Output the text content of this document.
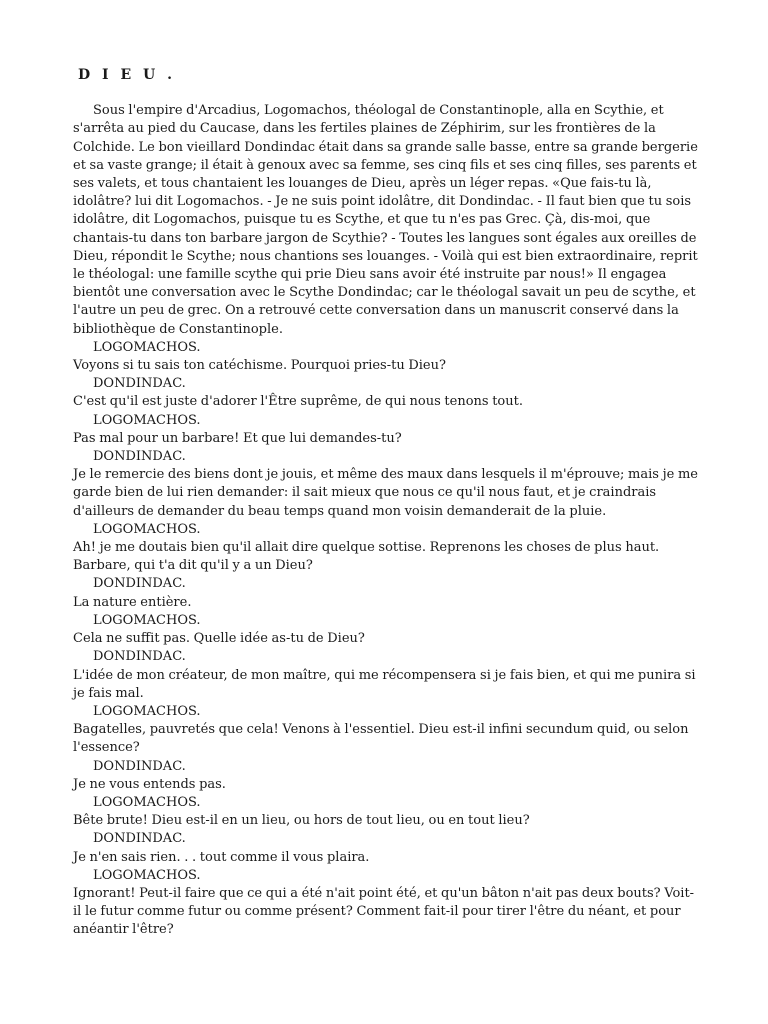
D I E U .

Sous l'empire d'Arcadius, Logomachos, théologal de Constantinople, alla en Scythie, et s'arrêta au pied du Caucase, dans les fertiles plaines de Zéphirim, sur les frontières de la Colchide. Le bon vieillard Dondindac était dans sa grande salle basse, entre sa grande bergerie et sa vaste grange; il était à genoux avec sa femme, ses cinq fils et ses cinq filles, ses parents et ses valets, et tous chantaient les louanges de Dieu, après un léger repas. «Que fais-tu là, idolâtre? lui dit Logomachos. - Je ne suis point idolâtre, dit Dondindac. - Il faut bien que tu sois idolâtre, dit Logomachos, puisque tu es Scythe, et que tu n'es pas Grec. Çà, dis-moi, que chantais-tu dans ton barbare jargon de Scythie? - Toutes les langues sont égales aux oreilles de Dieu, répondit le Scythe; nous chantions ses louanges. - Voilà qui est bien extraordinaire, reprit le théologal: une famille scythe qui prie Dieu sans avoir été instruite par nous!» Il engagea bientôt une conversation avec le Scythe Dondindac; car le théologal savait un peu de scythe, et l'autre un peu de grec. On a retrouvé cette conversation dans un manuscrit conservé dans la bibliothèque de Constantinople.

LOGOMACHOS.

Voyons si tu sais ton catéchisme. Pourquoi pries-tu Dieu?

DONDINDAC.

C'est qu'il est juste d'adorer l'Être suprême, de qui nous tenons tout.

LOGOMACHOS.

Pas mal pour un barbare! Et que lui demandes-tu?

DONDINDAC.

Je le remercie des biens dont je jouis, et même des maux dans lesquels il m'éprouve; mais je me garde bien de lui rien demander: il sait mieux que nous ce qu'il nous faut, et je craindrais d'ailleurs de demander du beau temps quand mon voisin demanderait de la pluie.

LOGOMACHOS.

Ah! je me doutais bien qu'il allait dire quelque sottise. Reprenons les choses de plus haut. Barbare, qui t'a dit qu'il y a un Dieu?

DONDINDAC.

La nature entière.

LOGOMACHOS.

Cela ne suffit pas. Quelle idée as-tu de Dieu?

DONDINDAC.

L'idée de mon créateur, de mon maître, qui me récompensera si je fais bien, et qui me punira si je fais mal.

LOGOMACHOS.

Bagatelles, pauvretés que cela! Venons à l'essentiel. Dieu est-il infini secundum quid, ou selon l'essence?

DONDINDAC.

Je ne vous entends pas.

LOGOMACHOS.

Bête brute! Dieu est-il en un lieu, ou hors de tout lieu, ou en tout lieu?

DONDINDAC.

Je n'en sais rien. . . tout comme il vous plaira.

LOGOMACHOS.

Ignorant! Peut-il faire que ce qui a été n'ait point été, et qu'un bâton n'ait pas deux bouts? Voit-il le futur comme futur ou comme présent? Comment fait-il pour tirer l'être du néant, et pour anéantir l'être?
